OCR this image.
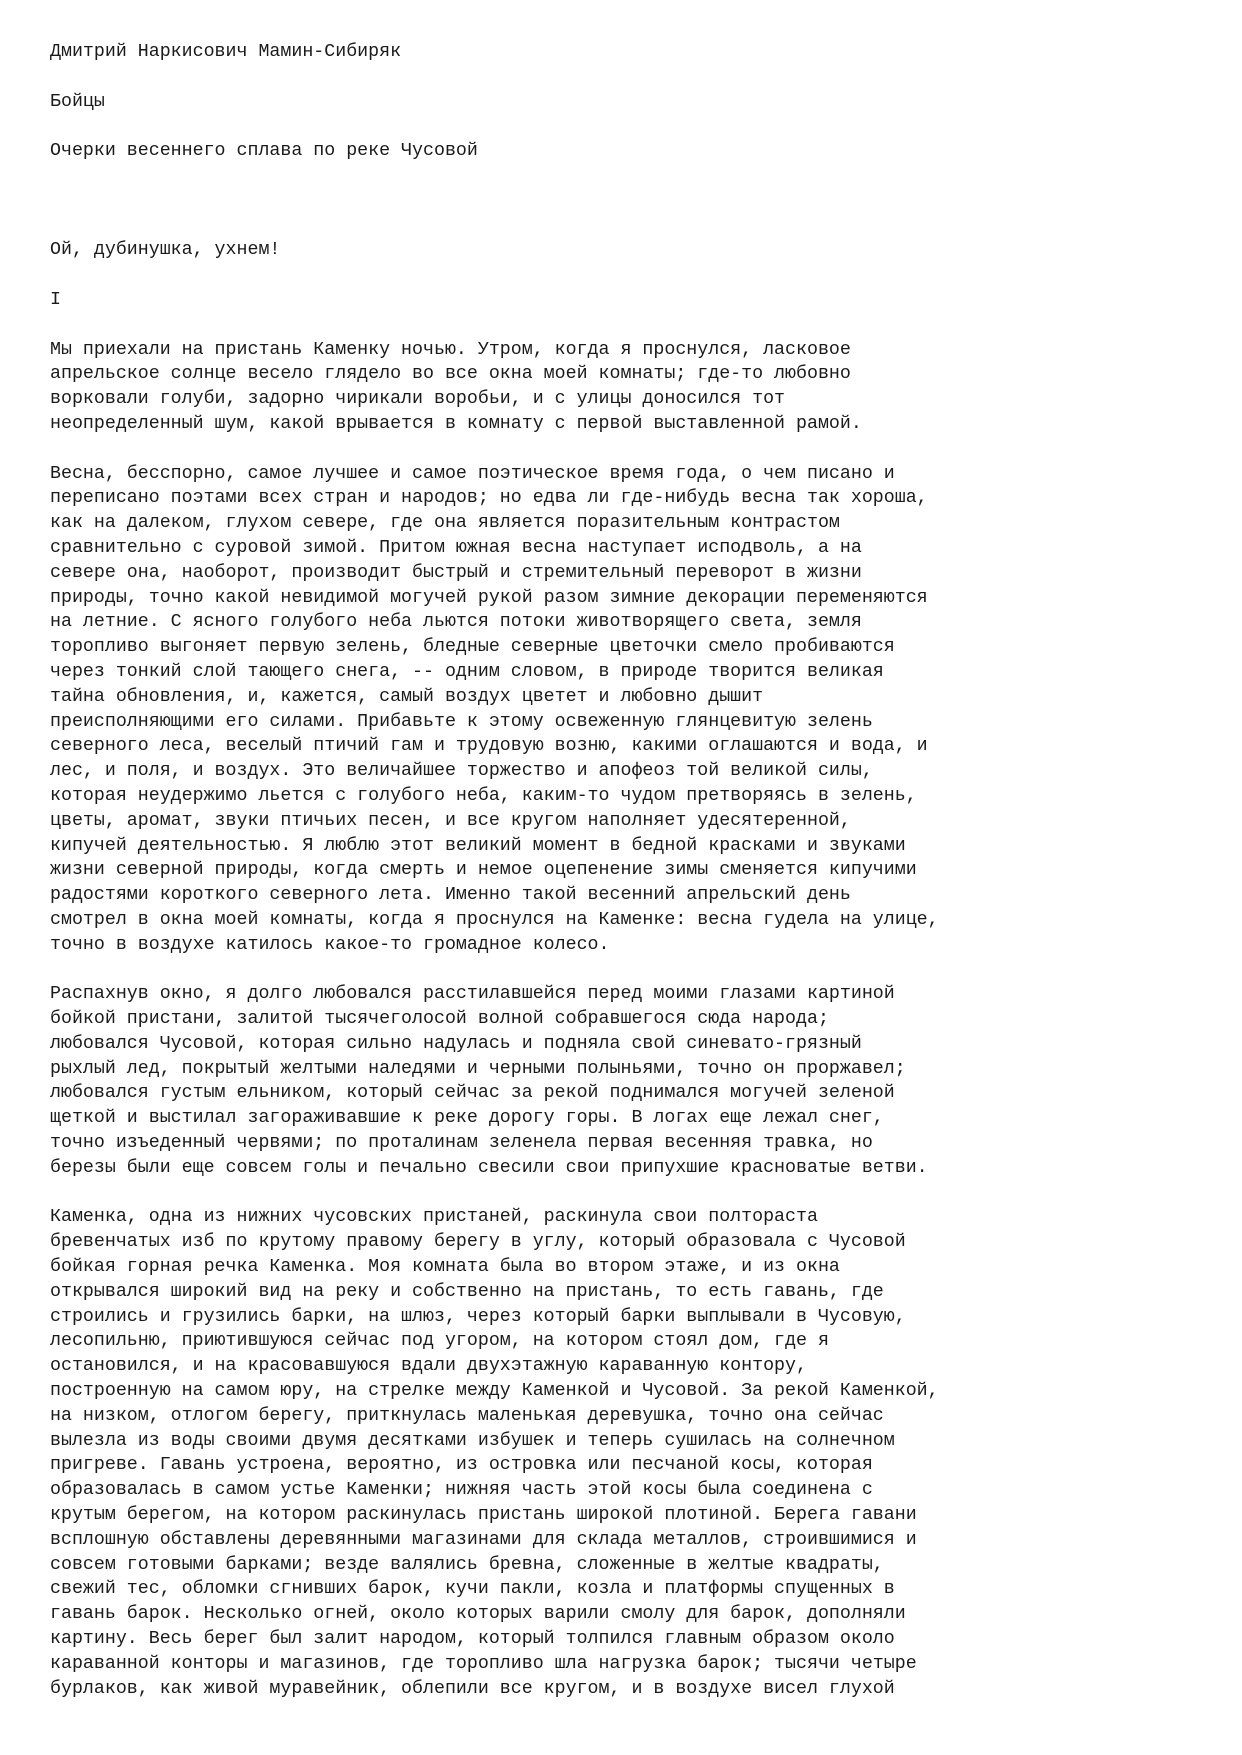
Дмитрий Наркисович Мамин-Сибиряк
Бойцы
Очерки весеннего сплава по реке Чусовой
Ой, дубинушка, ухнем!
I
Мы приехали на пристань Каменку ночью. Утром, когда я проснулся, ласковое
апрельское солнце весело глядело во все окна моей комнаты; где-то любовно
ворковали голуби, задорно чирикали воробьи, и с улицы доносился тот
неопределенный шум, какой врывается в комнату с первой выставленной рамой.
Весна, бесспорно, самое лучшее и самое поэтическое время года, о чем писано и
переписано поэтами всех стран и народов; но едва ли где-нибудь весна так хороша,
как на далеком, глухом севере, где она является поразительным контрастом
сравнительно с суровой зимой. Притом южная весна наступает исподволь, а на
севере она, наоборот, производит быстрый и стремительный переворот в жизни
природы, точно какой невидимой могучей рукой разом зимние декорации переменяются
на летние. С ясного голубого неба льются потоки животворящего света, земля
торопливо выгоняет первую зелень, бледные северные цветочки смело пробиваются
через тонкий слой тающего снега, -- одним словом, в природе творится великая
тайна обновления, и, кажется, самый воздух цветет и любовно дышит
преисполняющими его силами. Прибавьте к этому освеженную глянцевитую зелень
северного леса, веселый птичий гам и трудовую возню, какими оглашаются и вода, и
лес, и поля, и воздух. Это величайшее торжество и апофеоз той великой силы,
которая неудержимо льется с голубого неба, каким-то чудом претворяясь в зелень,
цветы, аромат, звуки птичьих песен, и все кругом наполняет удесятеренной,
кипучей деятельностью. Я люблю этот великий момент в бедной красками и звуками
жизни северной природы, когда смерть и немое оцепенение зимы сменяется кипучими
радостями короткого северного лета. Именно такой весенний апрельский день
смотрел в окна моей комнаты, когда я проснулся на Каменке: весна гудела на улице,
точно в воздухе катилось какое-то громадное колесо.
Распахнув окно, я долго любовался расстилавшейся перед моими глазами картиной
бойкой пристани, залитой тысячеголосой волной собравшегося сюда народа;
любовался Чусовой, которая сильно надулась и подняла свой синевато-грязный
рыхлый лед, покрытый желтыми наледями и черными полыньями, точно он проржавел;
любовался густым ельником, который сейчас за рекой поднимался могучей зеленой
щеткой и выстилал загораживавшие к реке дорогу горы. В логах еще лежал снег,
точно изъеденный червями; по проталинам зеленела первая весенняя травка, но
березы были еще совсем голы и печально свесили свои припухшие красноватые ветви.
Каменка, одна из нижних чусовских пристаней, раскинула свои полтораста
бревенчатых изб по крутому правому берегу в углу, который образовала с Чусовой
бойкая горная речка Каменка. Моя комната была во втором этаже, и из окна
открывался широкий вид на реку и собственно на пристань, то есть гавань, где
строились и грузились барки, на шлюз, через который барки выплывали в Чусовую,
лесопильню, приютившуюся сейчас под угором, на котором стоял дом, где я
остановился, и на красовавшуюся вдали двухэтажную караванную контору,
построенную на самом юру, на стрелке между Каменкой и Чусовой. За рекой Каменкой,
на низком, отлогом берегу, приткнулась маленькая деревушка, точно она сейчас
вылезла из воды своими двумя десятками избушек и теперь сушилась на солнечном
пригреве. Гавань устроена, вероятно, из островка или песчаной косы, которая
образовалась в самом устье Каменки; нижняя часть этой косы была соединена с
крутым берегом, на котором раскинулась пристань широкой плотиной. Берега гавани
всплошную обставлены деревянными магазинами для склада металлов, строившимися и
совсем готовыми барками; везде валялись бревна, сложенные в желтые квадраты,
свежий тес, обломки сгнивших барок, кучи пакли, козла и платформы спущенных в
гавань барок. Несколько огней, около которых варили смолу для барок, дополняли
картину. Весь берег был залит народом, который толпился главным образом около
караванной конторы и магазинов, где торопливо шла нагрузка барок; тысячи четыре
бурлаков, как живой муравейник, облепили все кругом, и в воздухе висел глухой
